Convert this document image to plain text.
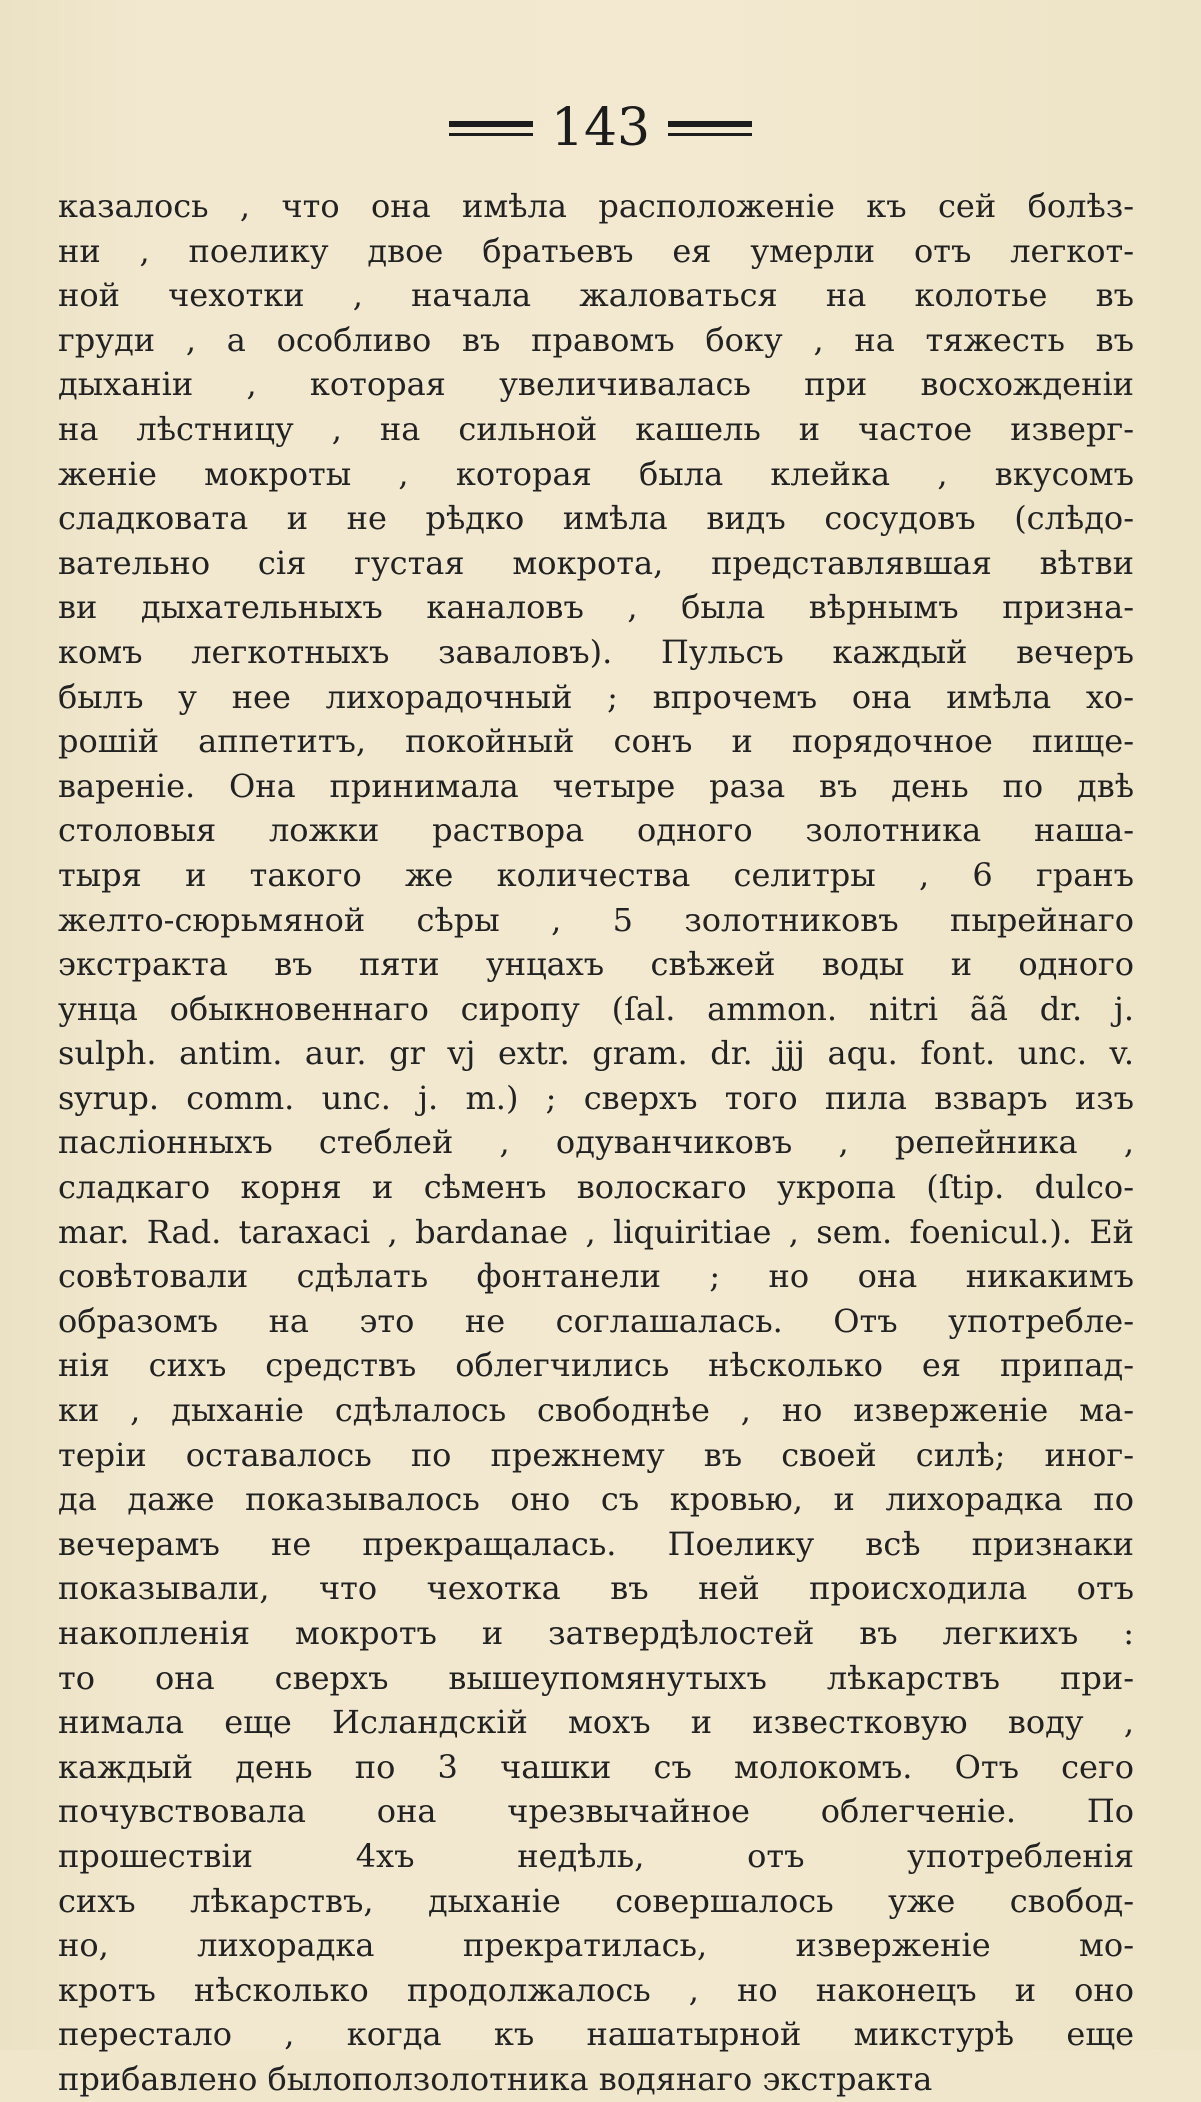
143
казалось , что она имѣла расположеніе къ сей болѣз-
ни , поелику двое братьевъ ея умерли отъ легкот-
ной чехотки , начала жаловаться на колотье въ
груди , а особливо въ правомъ боку , на тяжесть въ
дыханіи , которая увеличивалась при восхожденіи
на лѣстницу , на сильной кашель и частое изверг-
женіе мокроты , которая была клейка , вкусомъ
сладковата и не рѣдко имѣла видъ сосудовъ (слѣдо-
вательно сія густая мокрота, представлявшая вѣтви
ви дыхательныхъ каналовъ , была вѣрнымъ призна-
комъ легкотныхъ заваловъ). Пульсъ каждый вечеръ
былъ у нее лихорадочный ; впрочемъ она имѣла хо-
рошій аппетитъ, покойный сонъ и порядочное пище-
вареніе. Она принимала четыре раза въ день по двѣ
столовыя ложки раствора одного золотника наша-
тыря и такого же количества селитры , 6 гранъ
желто-сюрьмяной сѣры , 5 золотниковъ пырейнаго
экстракта въ пяти унцахъ свѣжей воды и одного
унца обыкновеннаго сиропу (ſal. ammon. nitri ãã dr. j.
sulph. antim. aur. gr vj extr. gram. dr. jjj aqu. font. unc. v.
syrup. comm. unc. j. m.) ; сверхъ того пила взваръ изъ
пасліонныхъ стеблей , одуванчиковъ , репейника ,
сладкаго корня и сѣменъ волоскаго укропа (ſtip. dulco-
mar. Rad. taraxaci , bardanae , liquiritiae , sem. foenicul.). Ей
совѣтовали сдѣлать фонтанели ; но она никакимъ
образомъ на это не соглашалась. Отъ употребле-
нія сихъ средствъ облегчились нѣсколько ея припад-
ки , дыханіе сдѣлалось свободнѣе , но изверженіе ма-
теріи оставалось по прежнему въ своей силѣ; иног-
да даже показывалось оно съ кровью, и лихорадка по
вечерамъ не прекращалась. Поелику всѣ признаки
показывали, что чехотка въ ней происходила отъ
накопленія мокротъ и затвердѣлостей въ легкихъ :
то она сверхъ вышеупомянутыхъ лѣкарствъ при-
нимала еще Исландскій мохъ и известковую воду ,
каждый день по 3 чашки съ молокомъ. Отъ сего
почувствовала она чрезвычайное облегченіе. По
прошествіи 4хъ недѣль, отъ употребленія
сихъ лѣкарствъ, дыханіе совершалось уже свобод-
но, лихорадка прекратилась, изверженіе мо-
кротъ нѣсколько продолжалось , но наконецъ и оно
перестало , когда къ нашатырной микстурѣ еще
прибавлено былоползолотника водянаго экстракта
